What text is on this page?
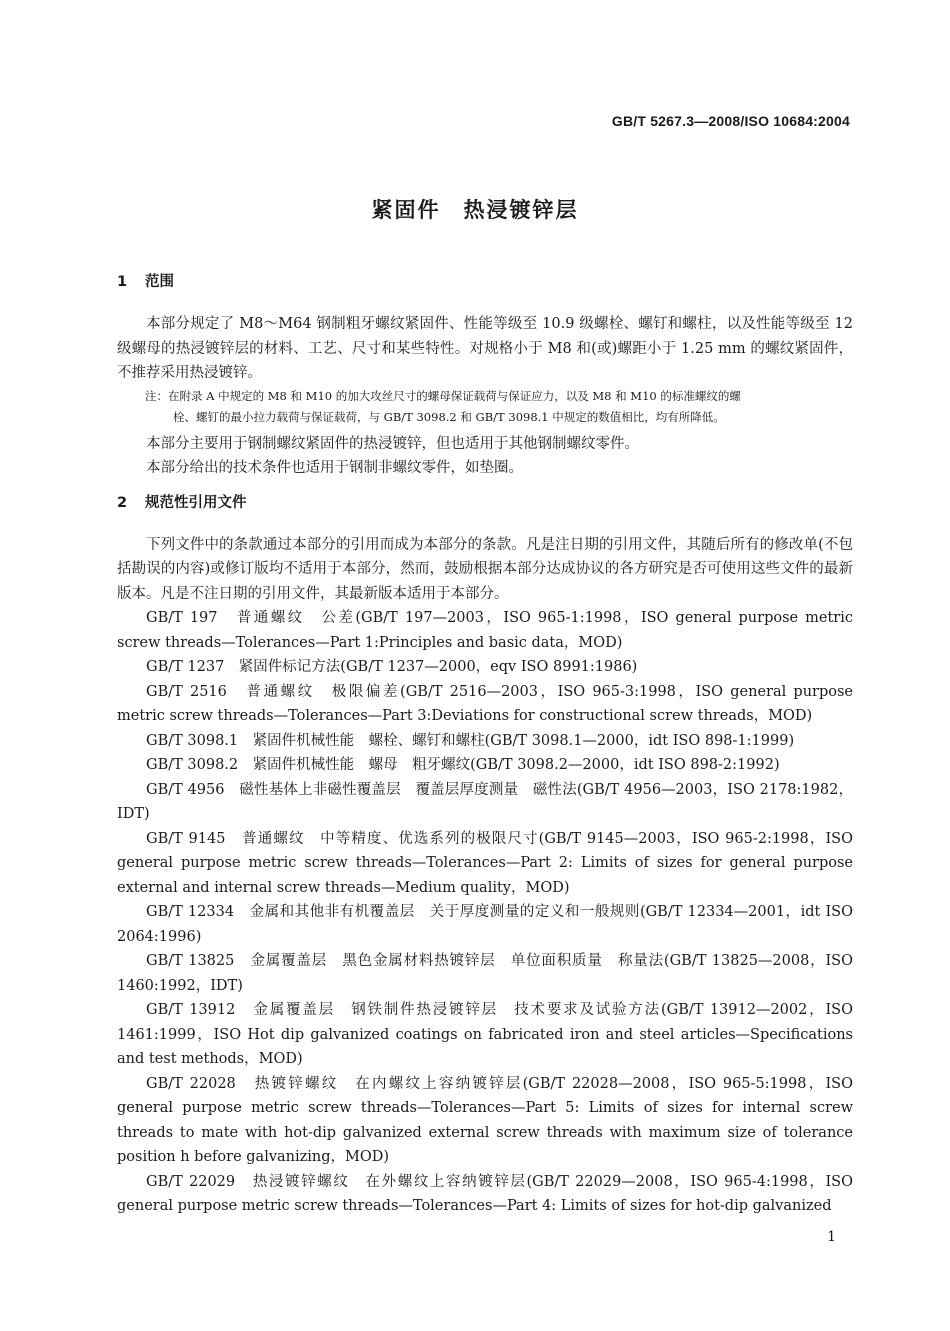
GB/T 5267.3—2008/ISO 10684:2004
紧固件　热浸镀锌层
1 范围

本部分规定了 M8～M64 钢制粗牙螺纹紧固件、性能等级至 10.9 级螺栓、螺钉和螺柱，以及性能等级至 12 级螺母的热浸镀锌层的材料、工艺、尺寸和某些特性。对规格小于 M8 和(或)螺距小于 1.25 mm 的螺纹紧固件，不推荐采用热浸镀锌。

注：在附录 A 中规定的 M8 和 M10 的加大攻丝尺寸的螺母保证载荷与保证应力，以及 M8 和 M10 的标准螺纹的螺
栓、螺钉的最小拉力载荷与保证载荷，与 GB/T 3098.2 和 GB/T 3098.1 中规定的数值相比，均有所降低。

本部分主要用于钢制螺纹紧固件的热浸镀锌，但也适用于其他钢制螺纹零件。

本部分给出的技术条件也适用于钢制非螺纹零件，如垫圈。

2 规范性引用文件

下列文件中的条款通过本部分的引用而成为本部分的条款。凡是注日期的引用文件，其随后所有的修改单(不包括勘误的内容)或修订版均不适用于本部分，然而，鼓励根据本部分达成协议的各方研究是否可使用这些文件的最新版本。凡是不注日期的引用文件，其最新版本适用于本部分。

GB/T 197　普通螺纹　公差(GB/T 197—2003，ISO 965-1:1998，ISO general purpose metric screw threads—Tolerances—Part 1:Principles and basic data，MOD)

GB/T 1237　紧固件标记方法(GB/T 1237—2000，eqv ISO 8991:1986)

GB/T 2516　普通螺纹　极限偏差(GB/T 2516—2003，ISO 965-3:1998，ISO general purpose metric screw threads—Tolerances—Part 3:Deviations for constructional screw threads，MOD)

GB/T 3098.1　紧固件机械性能　螺栓、螺钉和螺柱(GB/T 3098.1—2000，idt ISO 898-1:1999)

GB/T 3098.2　紧固件机械性能　螺母　粗牙螺纹(GB/T 3098.2—2000，idt ISO 898-2:1992)

GB/T 4956　磁性基体上非磁性覆盖层　覆盖层厚度测量　磁性法(GB/T 4956—2003，ISO 2178:1982，IDT)

GB/T 9145　普通螺纹　中等精度、优选系列的极限尺寸(GB/T 9145—2003，ISO 965-2:1998，ISO general purpose metric screw threads—Tolerances—Part 2: Limits of sizes for general purpose external and internal screw threads—Medium quality，MOD)

GB/T 12334　金属和其他非有机覆盖层　关于厚度测量的定义和一般规则(GB/T 12334—2001，idt ISO 2064:1996)

GB/T 13825　金属覆盖层　黑色金属材料热镀锌层　单位面积质量　称量法(GB/T 13825—2008，ISO 1460:1992，IDT)

GB/T 13912　金属覆盖层　钢铁制件热浸镀锌层　技术要求及试验方法(GB/T 13912—2002，ISO 1461:1999，ISO Hot dip galvanized coatings on fabricated iron and steel articles—Specifications and test methods，MOD)

GB/T 22028　热镀锌螺纹　在内螺纹上容纳镀锌层(GB/T 22028—2008，ISO 965-5:1998，ISO general purpose metric screw threads—Tolerances—Part 5: Limits of sizes for internal screw threads to mate with hot-dip galvanized external screw threads with maximum size of tolerance position h before galvanizing，MOD)

GB/T 22029　热浸镀锌螺纹　在外螺纹上容纳镀锌层(GB/T 22029—2008，ISO 965-4:1998，ISO general purpose metric screw threads—Tolerances—Part 4: Limits of sizes for hot-dip galvanized

1
